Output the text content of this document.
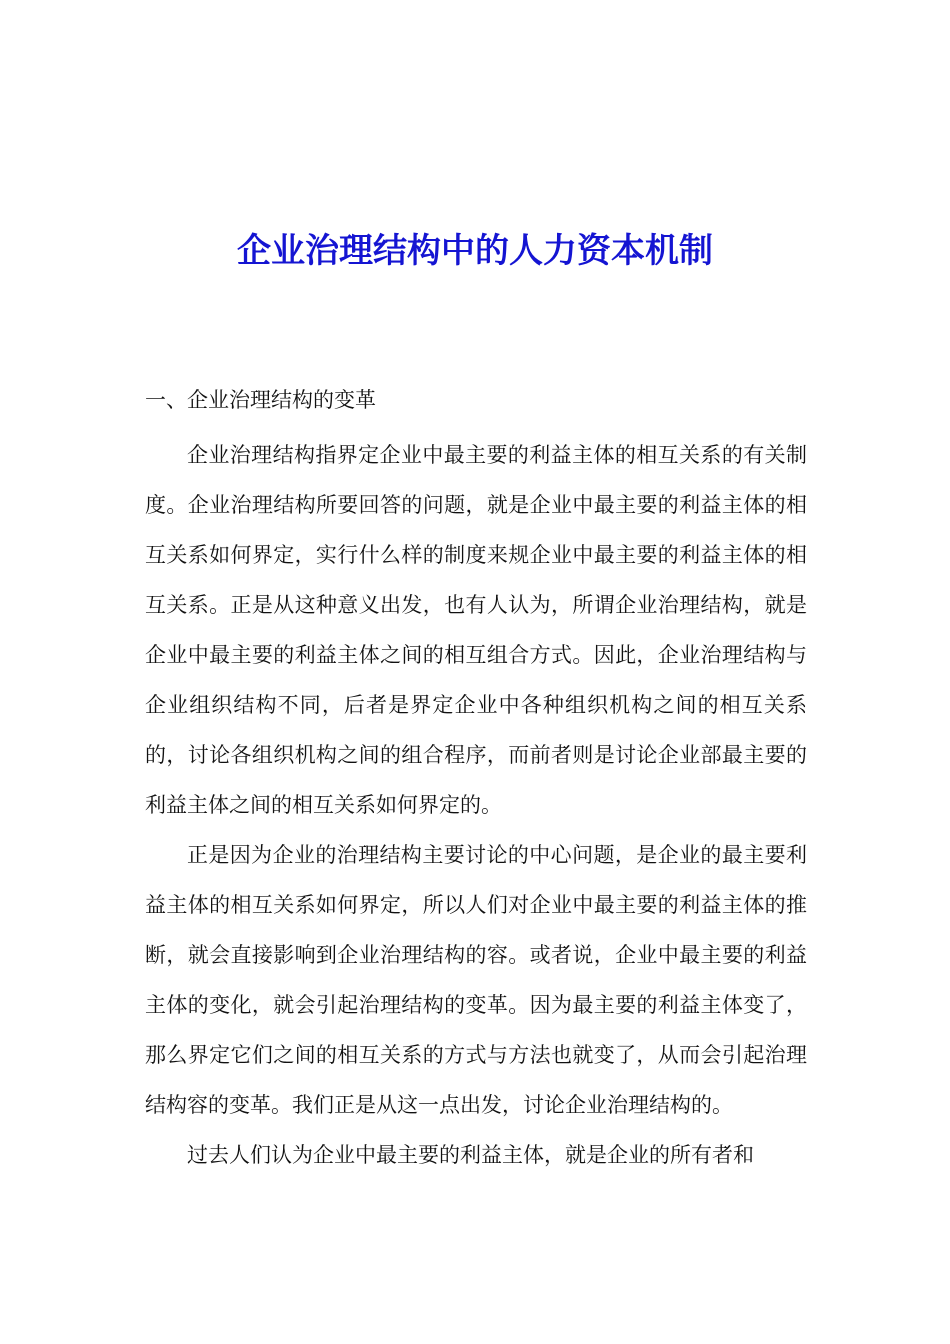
企业治理结构中的人力资本机制
一、企业治理结构的变革

企业治理结构指界定企业中最主要的利益主体的相互关系的有关制度。企业治理结构所要回答的问题，就是企业中最主要的利益主体的相互关系如何界定，实行什么样的制度来规企业中最主要的利益主体的相互关系。正是从这种意义出发，也有人认为，所谓企业治理结构，就是企业中最主要的利益主体之间的相互组合方式。因此，企业治理结构与企业组织结构不同，后者是界定企业中各种组织机构之间的相互关系的，讨论各组织机构之间的组合程序，而前者则是讨论企业部最主要的利益主体之间的相互关系如何界定的。

正是因为企业的治理结构主要讨论的中心问题，是企业的最主要利益主体的相互关系如何界定，所以人们对企业中最主要的利益主体的推断，就会直接影响到企业治理结构的容。或者说，企业中最主要的利益主体的变化，就会引起治理结构的变革。因为最主要的利益主体变了，那么界定它们之间的相互关系的方式与方法也就变了，从而会引起治理结构容的变革。我们正是从这一点出发，讨论企业治理结构的。

过去人们认为企业中最主要的利益主体，就是企业的所有者和
